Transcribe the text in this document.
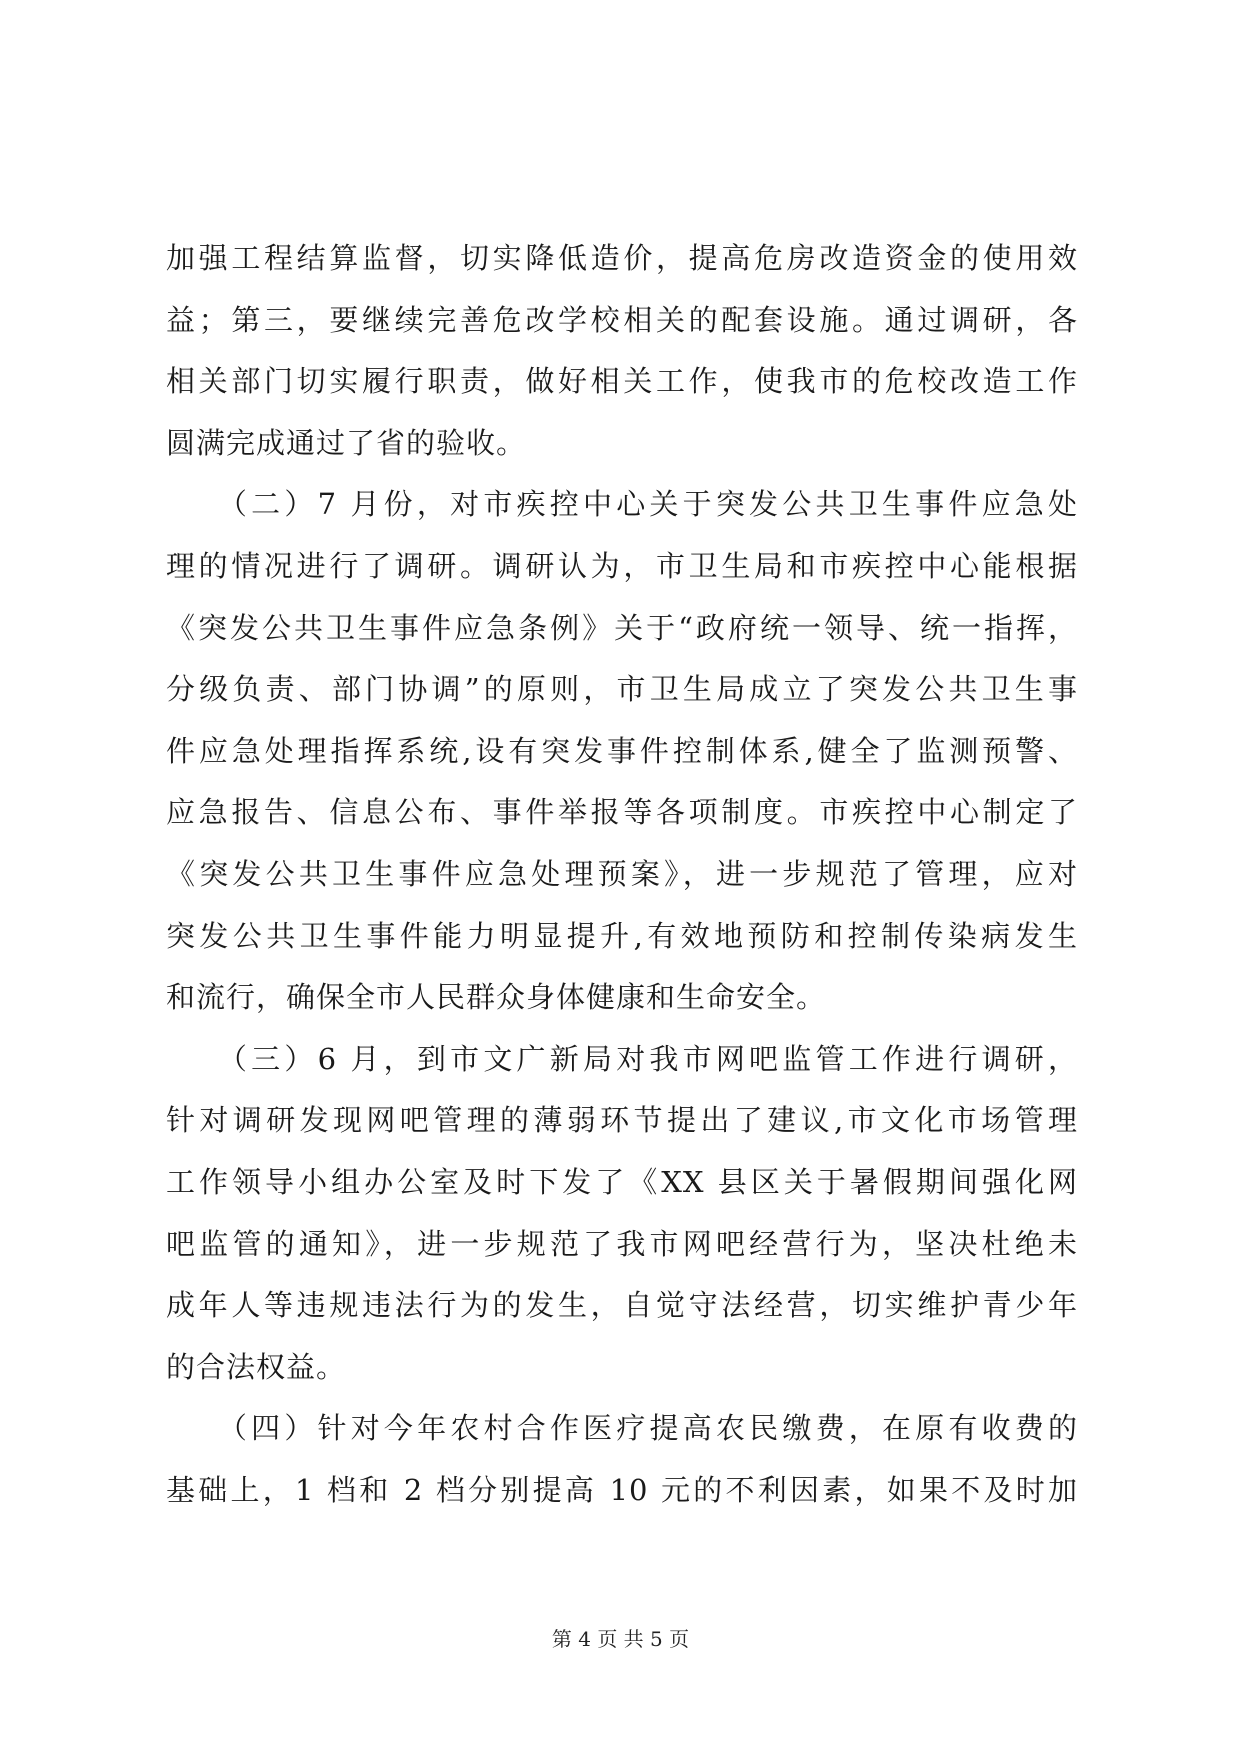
加强工程结算监督，切实降低造价，提高危房改造资金的使用效

益；第三，要继续完善危改学校相关的配套设施。通过调研，各

相关部门切实履行职责，做好相关工作，使我市的危校改造工作

圆满完成通过了省的验收。

　　（二）7 月份，对市疾控中心关于突发公共卫生事件应急处

理的情况进行了调研。调研认为，市卫生局和市疾控中心能根据

《突发公共卫生事件应急条例》关于“政府统一领导、统一指挥，

分级负责、部门协调”的原则，市卫生局成立了突发公共卫生事

件应急处理指挥系统,设有突发事件控制体系,健全了监测预警、

应急报告、信息公布、事件举报等各项制度。市疾控中心制定了

《突发公共卫生事件应急处理预案》，进一步规范了管理，应对

突发公共卫生事件能力明显提升,有效地预防和控制传染病发生

和流行，确保全市人民群众身体健康和生命安全。

　　（三）6 月，到市文广新局对我市网吧监管工作进行调研，

针对调研发现网吧管理的薄弱环节提出了建议,市文化市场管理

工作领导小组办公室及时下发了《XX 县区关于暑假期间强化网

吧监管的通知》，进一步规范了我市网吧经营行为，坚决杜绝未

成年人等违规违法行为的发生，自觉守法经营，切实维护青少年

的合法权益。

　　（四）针对今年农村合作医疗提高农民缴费，在原有收费的

基础上，1 档和 2 档分别提高 10 元的不利因素，如果不及时加

第 4 页 共 5 页
